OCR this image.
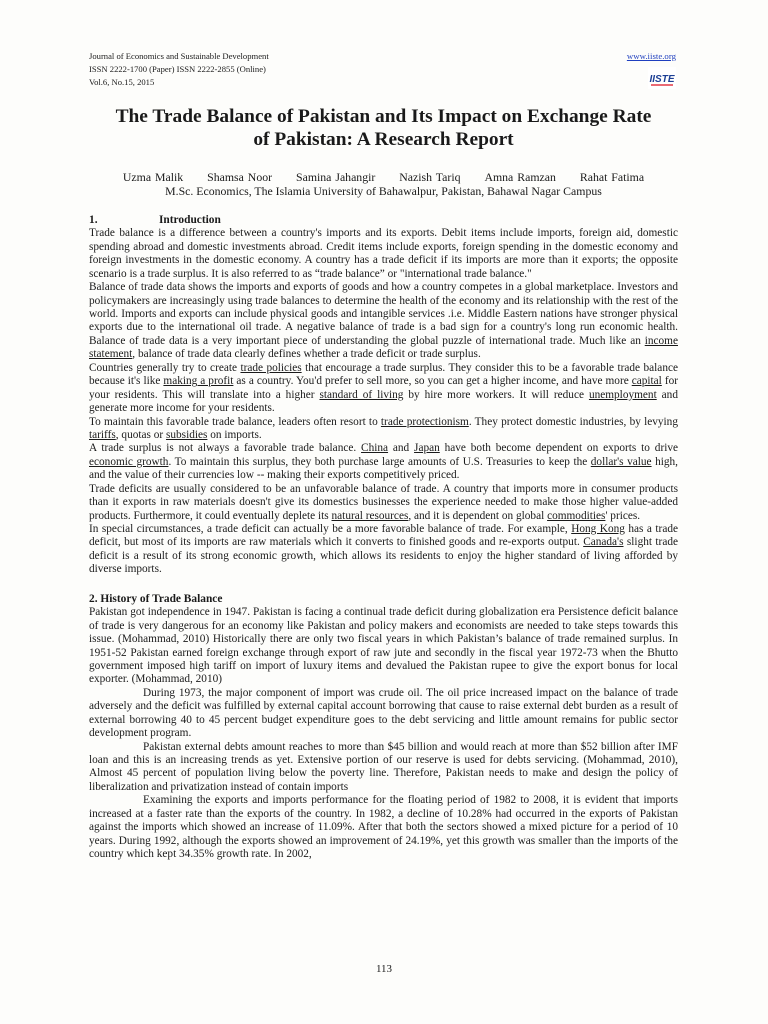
Journal of Economics and Sustainable Development
ISSN 2222-1700 (Paper) ISSN 2222-2855 (Online)
Vol.6, No.15, 2015
www.iiste.org
IISTE
The Trade Balance of Pakistan and Its Impact on Exchange Rate
of Pakistan: A Research Report
Uzma Malik Shamsa Noor Samina Jahangir Nazish Tariq Amna Ramzan Rahat Fatima
M.Sc. Economics, The Islamia University of Bahawalpur, Pakistan, Bahawal Nagar Campus
1.	Introduction

Trade balance is a difference between a country's imports and its exports. Debit items include imports, foreign aid, domestic spending abroad and domestic investments abroad. Credit items include exports, foreign spending in the domestic economy and foreign investments in the domestic economy. A country has a trade deficit if its imports are more than it exports; the opposite scenario is a trade surplus. It is also referred to as “trade balance” or "international trade balance."

Balance of trade data shows the imports and exports of goods and how a country competes in a global marketplace. Investors and policymakers are increasingly using trade balances to determine the health of the economy and its relationship with the rest of the world. Imports and exports can include physical goods and intangible services .i.e. Middle Eastern nations have stronger physical exports due to the international oil trade. A negative balance of trade is a bad sign for a country's long run economic health. Balance of trade data is a very important piece of understanding the global puzzle of international trade. Much like an income statement, balance of trade data clearly defines whether a trade deficit or trade surplus.

Countries generally try to create trade policies that encourage a trade surplus. They consider this to be a favorable trade balance because it's like making a profit as a country. You'd prefer to sell more, so you can get a higher income, and have more capital for your residents. This will translate into a higher standard of living by hire more workers. It will reduce unemployment and generate more income for your residents.

To maintain this favorable trade balance, leaders often resort to trade protectionism. They protect domestic industries, by levying tariffs, quotas or subsidies on imports.

A trade surplus is not always a favorable trade balance. China and Japan have both become dependent on exports to drive economic growth. To maintain this surplus, they both purchase large amounts of U.S. Treasuries to keep the dollar's value high, and the value of their currencies low -- making their exports competitively priced.

Trade deficits are usually considered to be an unfavorable balance of trade. A country that imports more in consumer products than it exports in raw materials doesn't give its domestics businesses the experience needed to make those higher value-added products. Furthermore, it could eventually deplete its natural resources, and it is dependent on global commodities' prices.

In special circumstances, a trade deficit can actually be a more favorable balance of trade. For example, Hong Kong has a trade deficit, but most of its imports are raw materials which it converts to finished goods and re-exports output. Canada's slight trade deficit is a result of its strong economic growth, which allows its residents to enjoy the higher standard of living afforded by diverse imports.

2. History of Trade Balance

Pakistan got independence in 1947. Pakistan is facing a continual trade deficit during globalization era Persistence deficit balance of trade is very dangerous for an economy like Pakistan and policy makers and economists are needed to take steps towards this issue. (Mohammad, 2010) Historically there are only two fiscal years in which Pakistan’s balance of trade remained surplus. In 1951-52 Pakistan earned foreign exchange through export of raw jute and secondly in the fiscal year 1972-73 when the Bhutto government imposed high tariff on import of luxury items and devalued the Pakistan rupee to give the export bonus for local exporter. (Mohammad, 2010)

During 1973, the major component of import was crude oil. The oil price increased impact on the balance of trade adversely and the deficit was fulfilled by external capital account borrowing that cause to raise external debt burden as a result of external borrowing 40 to 45 percent budget expenditure goes to the debt servicing and little amount remains for public sector development program.

Pakistan external debts amount reaches to more than $45 billion and would reach at more than $52 billion after IMF loan and this is an increasing trends as yet. Extensive portion of our reserve is used for debts servicing. (Mohammad, 2010), Almost 45 percent of population living below the poverty line. Therefore, Pakistan needs to make and design the policy of liberalization and privatization instead of contain imports

Examining the exports and imports performance for the floating period of 1982 to 2008, it is evident that imports increased at a faster rate than the exports of the country. In 1982, a decline of 10.28% had occurred in the exports of Pakistan against the imports which showed an increase of 11.09%. After that both the sectors showed a mixed picture for a period of 10 years. During 1992, although the exports showed an improvement of 24.19%, yet this growth was smaller than the imports of the country which kept 34.35% growth rate. In 2002,

113
